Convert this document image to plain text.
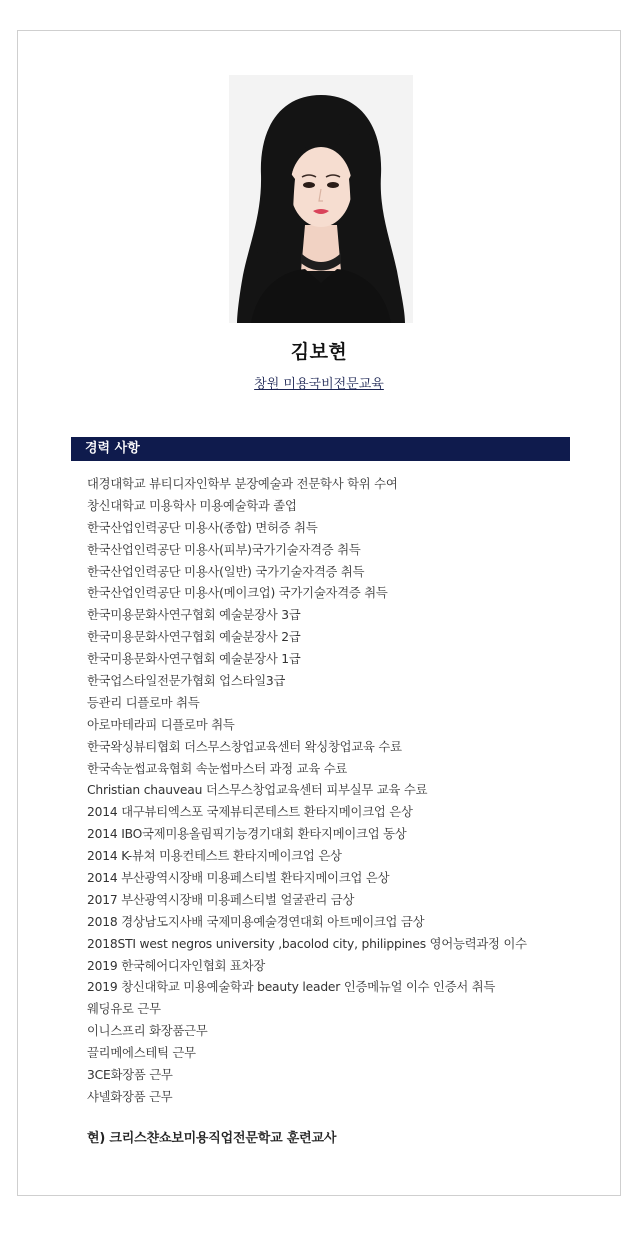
김보현
창원 미용국비전문교육
경력 사항
대경대학교 뷰티디자인학부 분장예술과 전문학사 학위 수여
창신대학교 미용학사 미용예술학과 졸업
한국산업인력공단 미용사(종합) 면허증 취득
한국산업인력공단 미용사(피부)국가기술자격증 취득
한국산업인력공단 미용사(일반) 국가기술자격증 취득
한국산업인력공단 미용사(메이크업) 국가기술자격증 취득
한국미용문화사연구협회 예술분장사 3급
한국미용문화사연구협회 예술분장사 2급
한국미용문화사연구협회 예술분장사 1급
한국업스타일전문가협회 업스타일3급
등관리 디플로마 취득
아로마테라피 디플로마 취득
한국왁싱뷰티협회 더스무스창업교육센터 왁싱창업교육 수료
한국속눈썹교육협회 속눈썹마스터 과정 교육 수료
Christian chauveau 더스무스창업교육센터 피부실무 교육 수료
2014 대구뷰티엑스포 국제뷰티콘테스트 환타지메이크업 은상
2014 IBO국제미용올림픽기능경기대회 환타지메이크업 동상
2014 K-뷰쳐 미용컨테스트 환타지메이크업 은상
2014 부산광역시장배 미용페스티벌 환타지메이크업 은상
2017 부산광역시장배 미용페스티벌 얼굴관리 금상
2018 경상남도지사배 국제미용예술경연대회 아트메이크업 금상
2018STI west negros university ,bacolod city, philippines 영어능력과정 이수
2019 한국헤어디자인협회 표차장
2019 창신대학교 미용예술학과 beauty leader 인증메뉴얼 이수 인증서 취득
웨딩유로 근무
이니스프리 화장품근무
끌리메에스테틱 근무
3CE화장품 근무
샤넬화장품 근무
현) 크리스챤쇼보미용직업전문학교 훈련교사
